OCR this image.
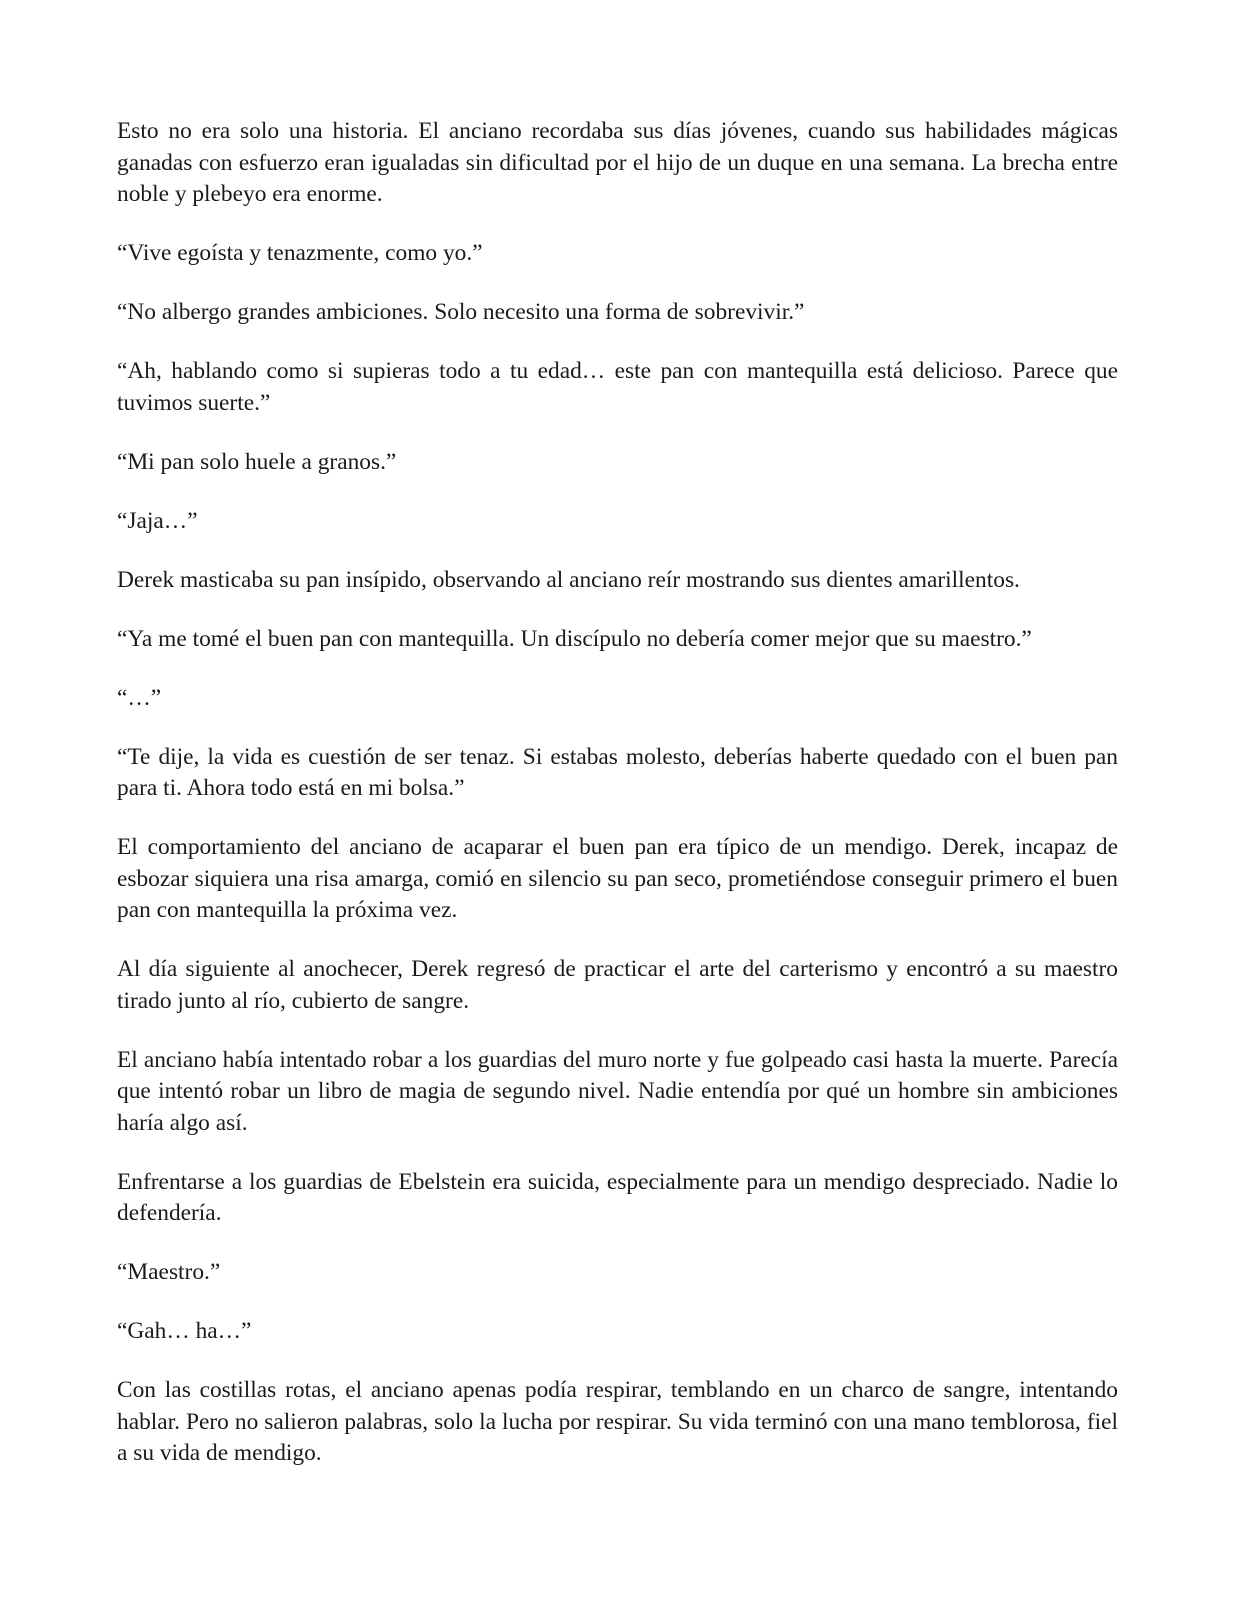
Esto no era solo una historia. El anciano recordaba sus días jóvenes, cuando sus habilidades mágicas ganadas con esfuerzo eran igualadas sin dificultad por el hijo de un duque en una semana. La brecha entre noble y plebeyo era enorme.

“Vive egoísta y tenazmente, como yo.”

“No albergo grandes ambiciones. Solo necesito una forma de sobrevivir.”

“Ah, hablando como si supieras todo a tu edad… este pan con mantequilla está delicioso. Parece que tuvimos suerte.”

“Mi pan solo huele a granos.”

“Jaja…”

Derek masticaba su pan insípido, observando al anciano reír mostrando sus dientes amarillentos.

“Ya me tomé el buen pan con mantequilla. Un discípulo no debería comer mejor que su maestro.”

“…”

“Te dije, la vida es cuestión de ser tenaz. Si estabas molesto, deberías haberte quedado con el buen pan para ti. Ahora todo está en mi bolsa.”

El comportamiento del anciano de acaparar el buen pan era típico de un mendigo. Derek, incapaz de esbozar siquiera una risa amarga, comió en silencio su pan seco, prometiéndose conseguir primero el buen pan con mantequilla la próxima vez.

Al día siguiente al anochecer, Derek regresó de practicar el arte del carterismo y encontró a su maestro tirado junto al río, cubierto de sangre.

El anciano había intentado robar a los guardias del muro norte y fue golpeado casi hasta la muerte. Parecía que intentó robar un libro de magia de segundo nivel. Nadie entendía por qué un hombre sin ambiciones haría algo así.

Enfrentarse a los guardias de Ebelstein era suicida, especialmente para un mendigo despreciado. Nadie lo defendería.

“Maestro.”

“Gah… ha…”

Con las costillas rotas, el anciano apenas podía respirar, temblando en un charco de sangre, intentando hablar. Pero no salieron palabras, solo la lucha por respirar. Su vida terminó con una mano temblorosa, fiel a su vida de mendigo.
